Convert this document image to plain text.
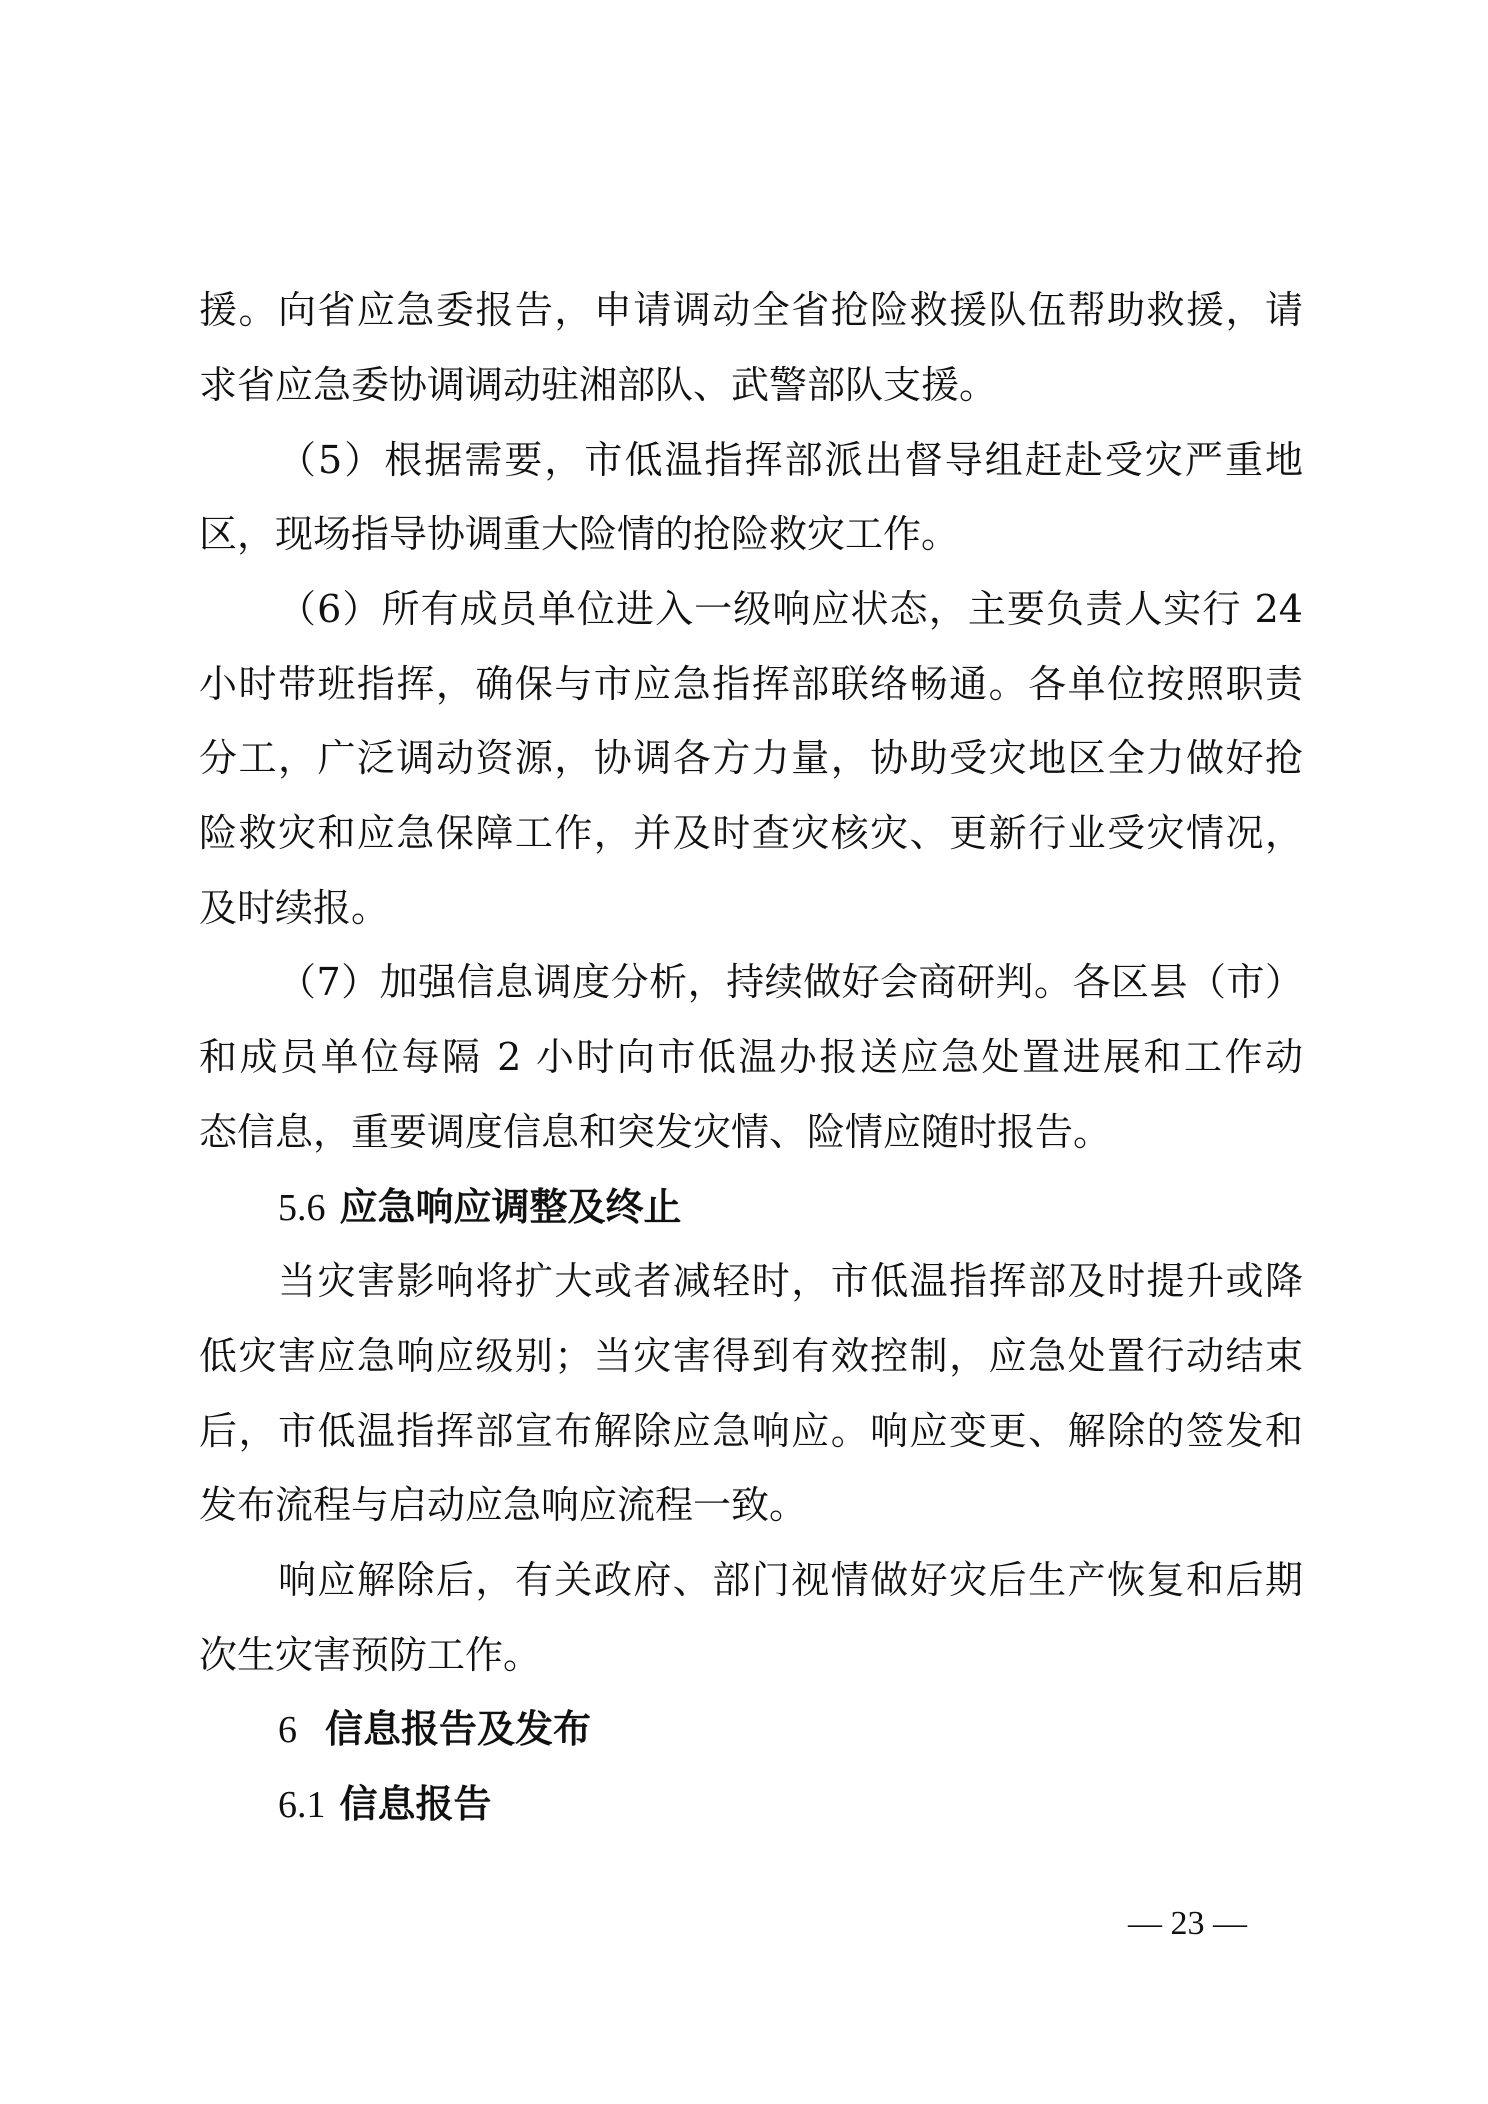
援。向省应急委报告，申请调动全省抢险救援队伍帮助救援，请
求省应急委协调调动驻湘部队、武警部队支援。
（5）根据需要，市低温指挥部派出督导组赶赴受灾严重地
区，现场指导协调重大险情的抢险救灾工作。
（6）所有成员单位进入一级响应状态，主要负责人实行 24
小时带班指挥，确保与市应急指挥部联络畅通。各单位按照职责
分工，广泛调动资源，协调各方力量，协助受灾地区全力做好抢
险救灾和应急保障工作，并及时查灾核灾、更新行业受灾情况，
及时续报。
（7）加强信息调度分析，持续做好会商研判。各区县（市）
和成员单位每隔 2 小时向市低温办报送应急处置进展和工作动
态信息，重要调度信息和突发灾情、险情应随时报告。
5.6 应急响应调整及终止
当灾害影响将扩大或者减轻时，市低温指挥部及时提升或降
低灾害应急响应级别；当灾害得到有效控制，应急处置行动结束
后，市低温指挥部宣布解除应急响应。响应变更、解除的签发和
发布流程与启动应急响应流程一致。
响应解除后，有关政府、部门视情做好灾后生产恢复和后期
次生灾害预防工作。
6 信息报告及发布
6.1 信息报告
— 23 —
